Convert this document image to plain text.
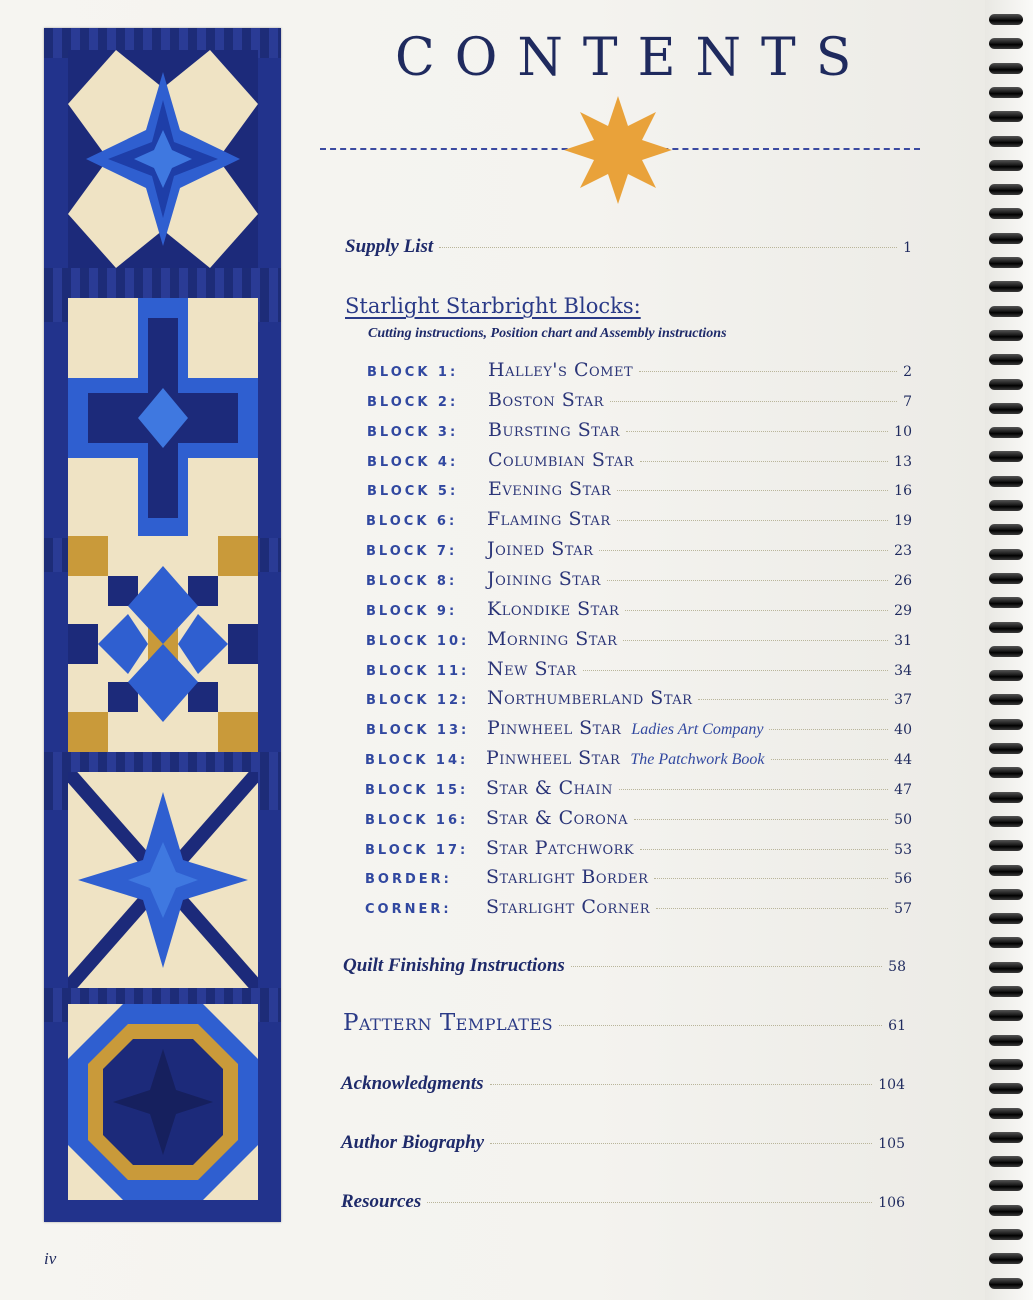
CONTENTS
Supply List	1
Starlight Starbright Blocks:
Cutting instructions, Position chart and Assembly instructions
BLOCK 1:	Halley's Comet	2
BLOCK 2:	Boston Star	7
BLOCK 3:	Bursting Star	10
BLOCK 4:	Columbian Star	13
BLOCK 5:	Evening Star	16
BLOCK 6:	Flaming Star	19
BLOCK 7:	Joined Star	23
BLOCK 8:	Joining Star	26
BLOCK 9:	Klondike Star	29
BLOCK 10: Morning Star	31
BLOCK 11: New Star	34
BLOCK 12: Northumberland Star	37
BLOCK 13: Pinwheel Star Ladies Art Company	40
BLOCK 14: Pinwheel Star The Patchwork Book	44
BLOCK 15: Star & Chain	47
BLOCK 16: Star & Corona	50
BLOCK 17: Star Patchwork	53
BORDER:	Starlight Border	56
CORNER:	Starlight Corner	57
Quilt Finishing Instructions	58
Pattern Templates	61
Acknowledgments	104
Author Biography	105
Resources	106
iv
